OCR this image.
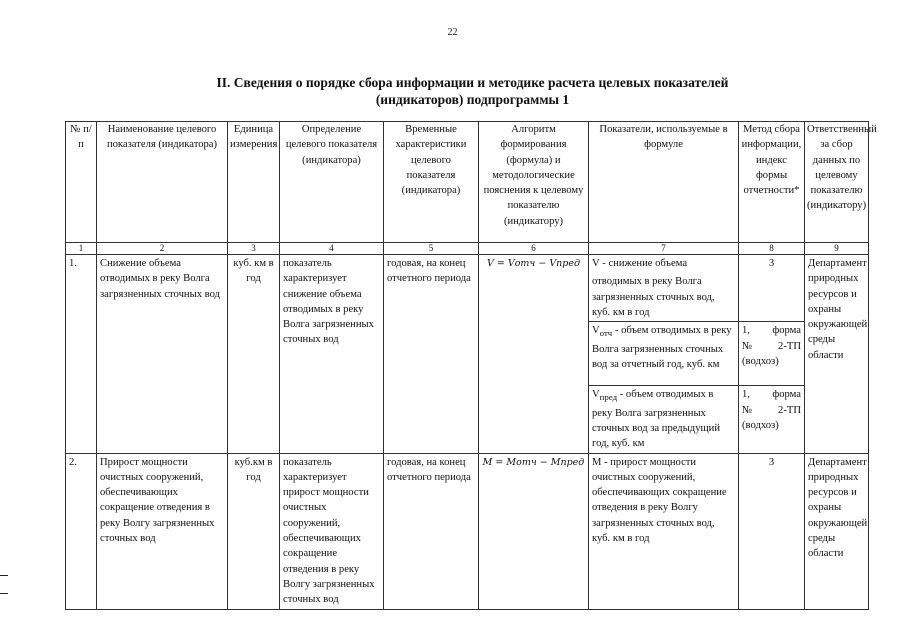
22
II. Сведения о порядке сбора информации и методике расчета целевых показателей
(индикаторов) подпрограммы 1
№ п/п	Наименование целевого показателя (индикатора)	Единица измерения	Определение целевого показателя (индикатора)	Временные характеристики целевого показателя (индикатора)	Алгоритм формирования (формула) и методологические пояснения к целевому показателю (индикатору)	Показатели, используемые в формуле	Метод сбора информации, индекс формы отчетности*	Ответственный за сбор данных по целевому показателю (индикатору)
1	2	3	4	5	6	7	8	9
1.	Снижение объема отводимых в реку Волга загрязненных сточных вод	куб. км в год	показатель характеризует снижение объема отводимых в реку Волга загрязненных сточных вод	годовая, на конец отчетного периода	V = Vотч − Vпред	V - снижение объема отводимых в реку Волга загрязненных сточных вод, куб. км в год	3	Департамент природных ресурсов и охраны окружающей среды области
						$V_{отч}$ - объем отводимых в реку Волга загрязненных сточных вод за отчетный год, куб. км	1, форма
№ 2-ТП
(водхоз)	
						$V_{пред}$ - объем отводимых в реку Волга загрязненных сточных вод за предыдущий год, куб. км	1, форма
№ 2-ТП
(водхоз)	
2.	Прирост мощности очистных сооружений, обеспечивающих сокращение отведения в реку Волгу загрязненных сточных вод	куб.км в год	показатель характеризует прирост мощности очистных сооружений, обеспечивающих сокращение отведения в реку Волгу загрязненных сточных вод	годовая, на конец отчетного периода	M = Mотч − Mпред	M - прирост мощности очистных сооружений, обеспечивающих сокращение отведения в реку Волгу загрязненных сточных вод, куб. км в год	3	Департамент природных ресурсов и охраны окружающей среды области
